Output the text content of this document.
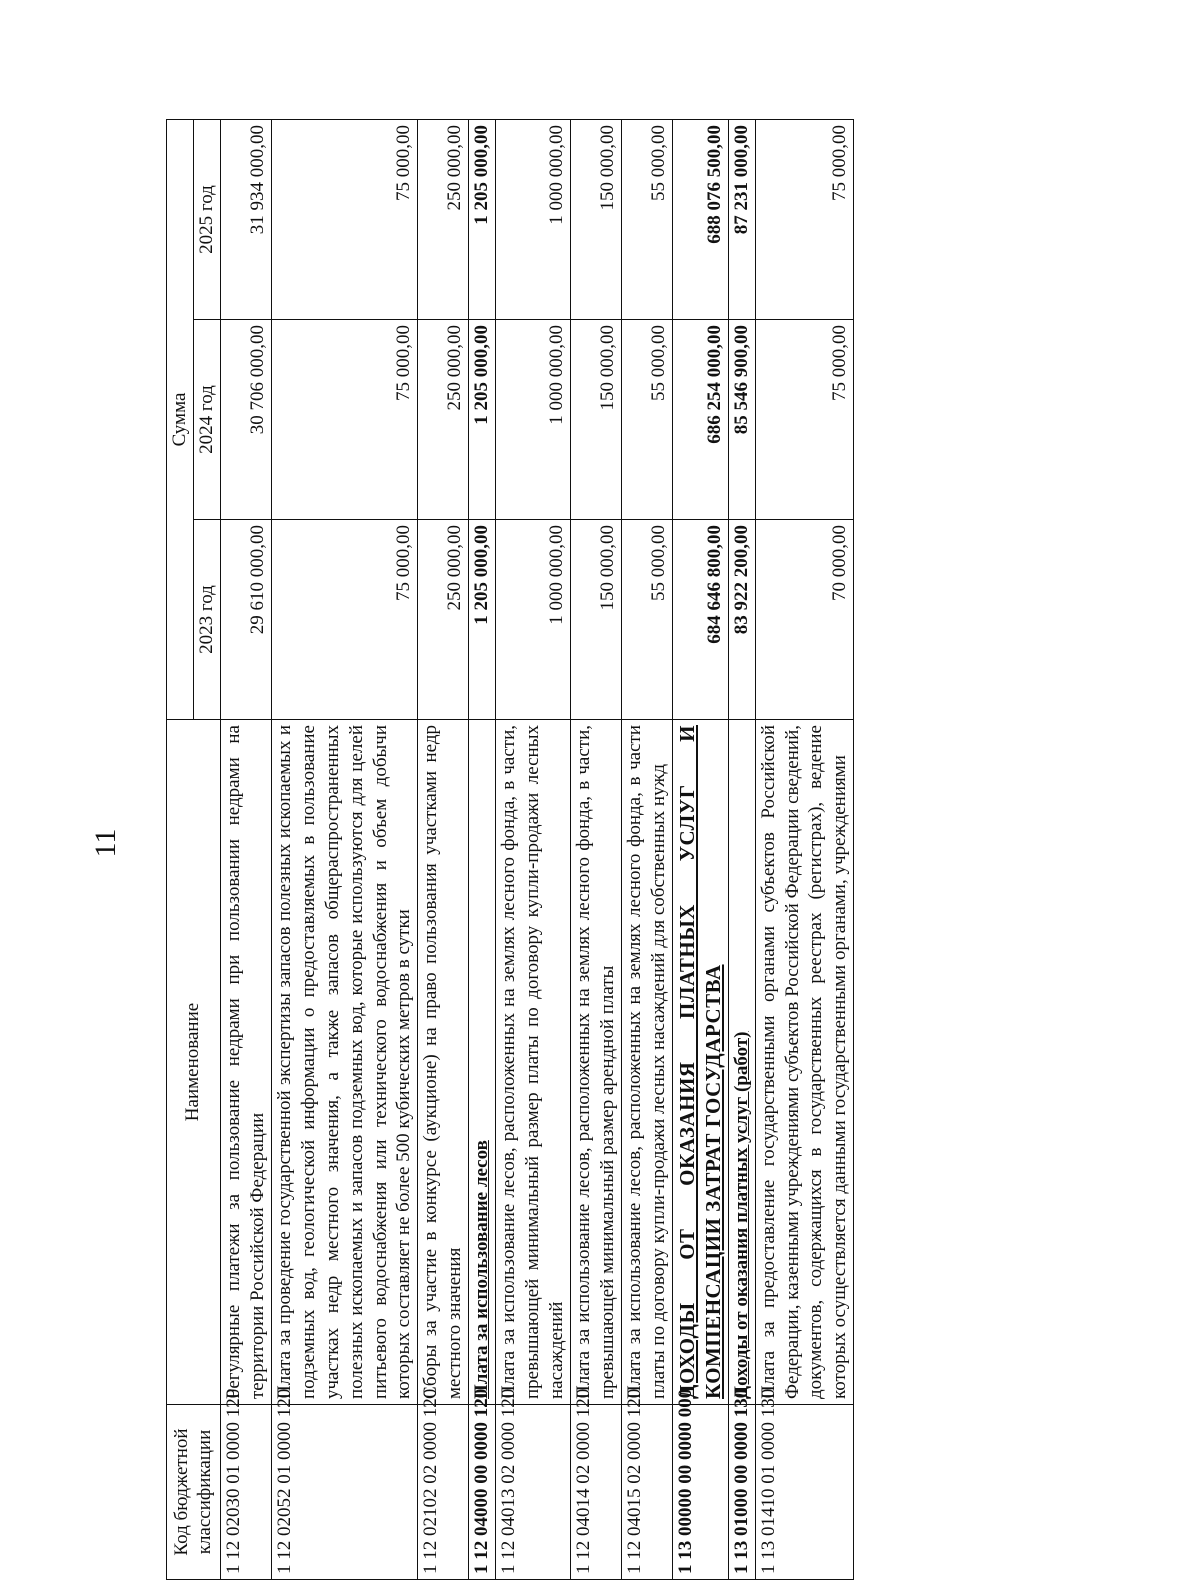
11
Код бюджетной классификации	Наименование	Сумма		
		2023 год	2024 год	2025 год
1 12 02030 01 0000 120	Регулярные платежи за пользование недрами при пользовании недрами на территории Российской Федерации	29 610 000,00	30 706 000,00	31 934 000,00
1 12 02052 01 0000 120	Плата за проведение государственной экспертизы запасов полезных ископаемых и подземных вод, геологической информации о предоставляемых в пользование участках недр местного значения, а также запасов общераспространенных полезных ископаемых и запасов подземных вод, которые используются для целей питьевого водоснабжения или технического водоснабжения и объем добычи которых составляет не более 500 кубических метров в сутки	75 000,00	75 000,00	75 000,00
1 12 02102 02 0000 120	Сборы за участие в конкурсе (аукционе) на право пользования участками недр местного значения	250 000,00	250 000,00	250 000,00
1 12 04000 00 0000 120	Плата за использование лесов	1 205 000,00	1 205 000,00	1 205 000,00
1 12 04013 02 0000 120	Плата за использование лесов, расположенных на землях лесного фонда, в части, превышающей минимальный размер платы по договору купли-продажи лесных насаждений	1 000 000,00	1 000 000,00	1 000 000,00
1 12 04014 02 0000 120	Плата за использование лесов, расположенных на землях лесного фонда, в части, превышающей минимальный размер арендной платы	150 000,00	150 000,00	150 000,00
1 12 04015 02 0000 120	Плата за использование лесов, расположенных на землях лесного фонда, в части платы по договору купли-продажи лесных насаждений для собственных нужд	55 000,00	55 000,00	55 000,00
1 13 00000 00 0000 000	ДОХОДЫ ОТ ОКАЗАНИЯ ПЛАТНЫХ УСЛУГ И КОМПЕНСАЦИИ ЗАТРАТ ГОСУДАРСТВА	684 646 800,00	686 254 000,00	688 076 500,00
1 13 01000 00 0000 130	Доходы от оказания платных услуг (работ)	83 922 200,00	85 546 900,00	87 231 000,00
1 13 01410 01 0000 130	Плата за предоставление государственными органами субъектов Российской Федерации, казенными учреждениями субъектов Российской Федерации сведений, документов, содержащихся в государственных реестрах (регистрах), ведение которых осуществляется данными государственными органами, учреждениями	70 000,00	75 000,00	75 000,00
